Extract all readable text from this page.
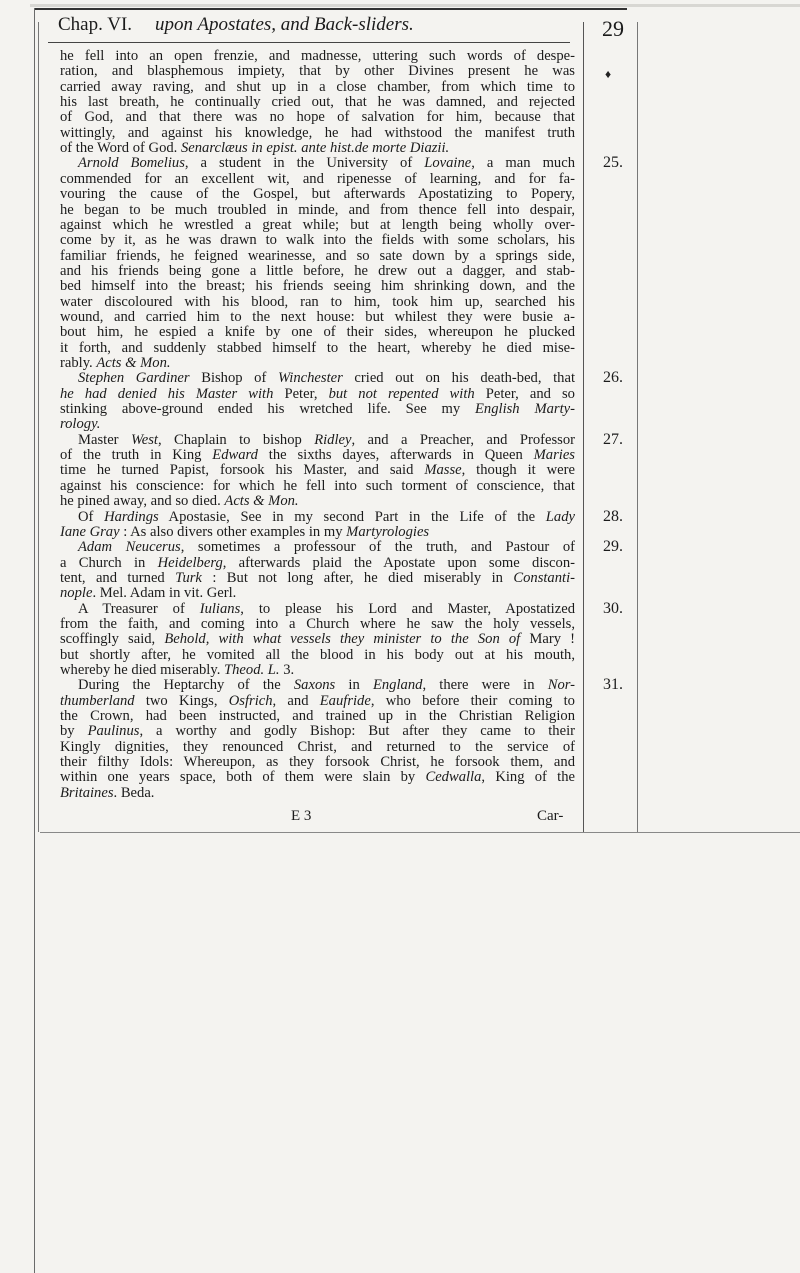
Chap. VI. upon Apostates, and Back-sliders.	29
♦
he fell into an open frenzie, and madnesse, uttering such words of despe-
ration, and blasphemous impiety, that by other Divines present he was
carried away raving, and shut up in a close chamber, from which time to
his last breath, he continually cried out, that he was damned, and rejected
of God, and that there was no hope of salvation for him, because that
wittingly, and against his knowledge, he had withstood the manifest truth
of the Word of God. Senarclæus in epist. ante hist.de morte Diazii.
Arnold Bomelius, a student in the University of Lovaine, a man much
commended for an excellent wit, and ripenesse of learning, and for fa-
vouring the cause of the Gospel, but afterwards Apostatizing to Popery,
he began to be much troubled in minde, and from thence fell into despair,
against which he wrestled a great while; but at length being wholly over-
come by it, as he was drawn to walk into the fields with some scholars, his
familiar friends, he feigned wearinesse, and so sate down by a springs side,
and his friends being gone a little before, he drew out a dagger, and stab-
bed himself into the breast; his friends seeing him shrinking down, and the
water discoloured with his blood, ran to him, took him up, searched his
wound, and carried him to the next house: but whilest they were busie a-
bout him, he espied a knife by one of their sides, whereupon he plucked
it forth, and suddenly stabbed himself to the heart, whereby he died mise-
rably. Acts & Mon.
Stephen Gardiner Bishop of Winchester cried out on his death-bed, that
he had denied his Master with Peter, but not repented with Peter, and so
stinking above-ground ended his wretched life. See my English Marty-
rology.
Master West, Chaplain to bishop Ridley, and a Preacher, and Professor
of the truth in King Edward the sixths dayes, afterwards in Queen Maries
time he turned Papist, forsook his Master, and said Masse, though it were
against his conscience: for which he fell into such torment of conscience, that
he pined away, and so died. Acts & Mon.
Of Hardings Apostasie, See in my second Part in the Life of the Lady
Iane Gray : As also divers other examples in my Martyrologies
Adam Neucerus, sometimes a professour of the truth, and Pastour of
a Church in Heidelberg, afterwards plaid the Apostate upon some discon-
tent, and turned Turk : But not long after, he died miserably in Constanti-
nople. Mel. Adam in vit. Gerl.
A Treasurer of Iulians, to please his Lord and Master, Apostatized
from the faith, and coming into a Church where he saw the holy vessels,
scoffingly said, Behold, with what vessels they minister to the Son of Mary !
but shortly after, he vomited all the blood in his body out at his mouth,
whereby he died miserably. Theod. L. 3.
During the Heptarchy of the Saxons in England, there were in Nor-
thumberland two Kings, Osfrich, and Eaufride, who before their coming to
the Crown, had been instructed, and trained up in the Christian Religion
by Paulinus, a worthy and godly Bishop: But after they came to their
Kingly dignities, they renounced Christ, and returned to the service of
their filthy Idols: Whereupon, as they forsook Christ, he forsook them, and
within one years space, both of them were slain by Cedwalla, King of the
Britaines. Beda.
25.
26.
27.
28.
29.
30.
31.
E 3	Car-
